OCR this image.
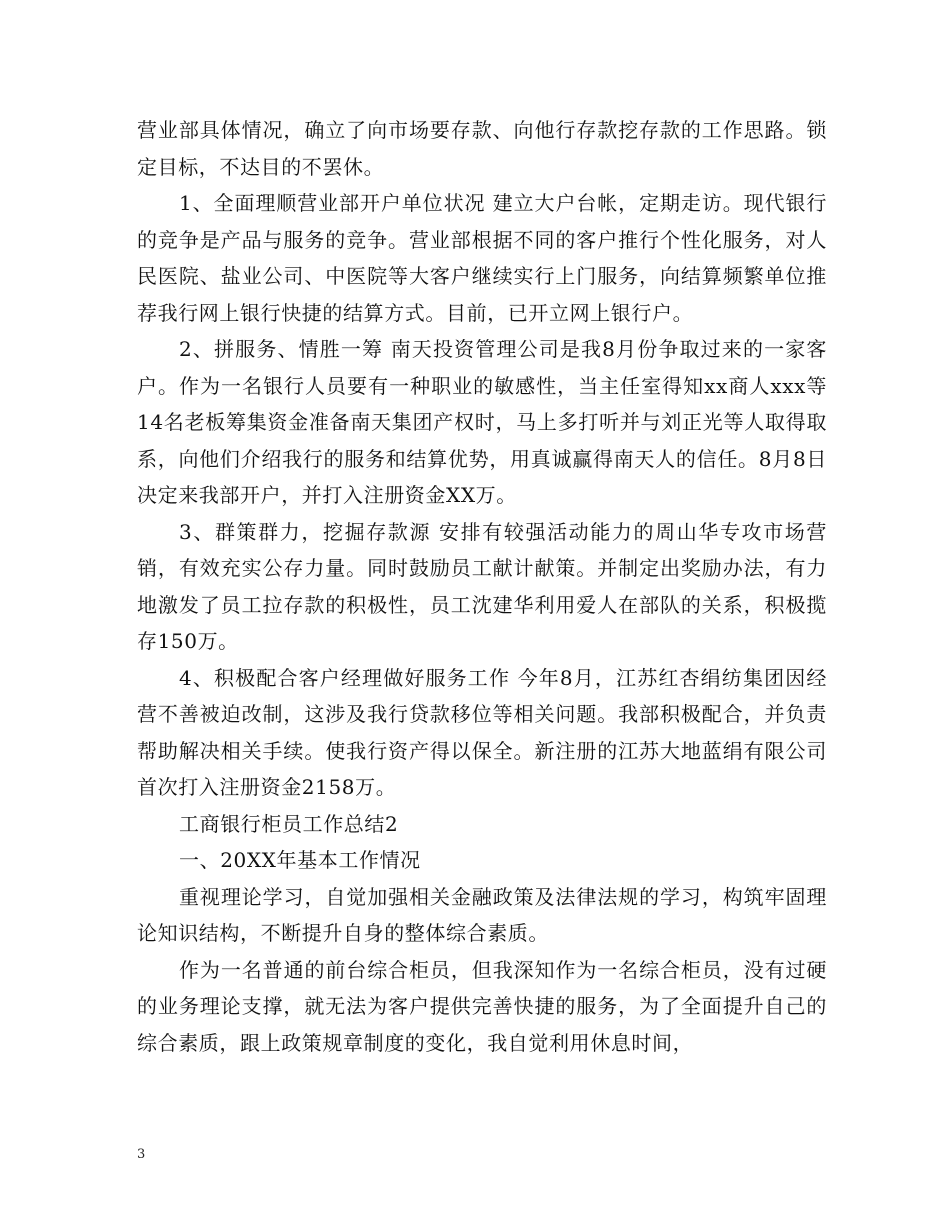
营业部具体情况，确立了向市场要存款、向他行存款挖存款的工作思路。锁定目标，不达目的不罢休。

1、全面理顺营业部开户单位状况 建立大户台帐，定期走访。现代银行的竞争是产品与服务的竞争。营业部根据不同的客户推行个性化服务，对人民医院、盐业公司、中医院等大客户继续实行上门服务，向结算频繁单位推荐我行网上银行快捷的结算方式。目前，已开立网上银行户。

2、拼服务、情胜一筹 南天投资管理公司是我8月份争取过来的一家客户。作为一名银行人员要有一种职业的敏感性，当主任室得知xx商人xxx等14名老板筹集资金准备南天集团产权时，马上多打听并与刘正光等人取得取系，向他们介绍我行的服务和结算优势，用真诚赢得南天人的信任。8月8日决定来我部开户，并打入注册资金XX万。

3、群策群力，挖掘存款源 安排有较强活动能力的周山华专攻市场营销，有效充实公存力量。同时鼓励员工献计献策。并制定出奖励办法，有力地激发了员工拉存款的积极性，员工沈建华利用爱人在部队的关系，积极揽存150万。

4、积极配合客户经理做好服务工作 今年8月，江苏红杏绢纺集团因经营不善被迫改制，这涉及我行贷款移位等相关问题。我部积极配合，并负责帮助解决相关手续。使我行资产得以保全。新注册的江苏大地蓝绢有限公司首次打入注册资金2158万。

工商银行柜员工作总结2

一、20XX年基本工作情况

重视理论学习，自觉加强相关金融政策及法律法规的学习，构筑牢固理论知识结构，不断提升自身的整体综合素质。

作为一名普通的前台综合柜员，但我深知作为一名综合柜员，没有过硬的业务理论支撑，就无法为客户提供完善快捷的服务，为了全面提升自己的综合素质，跟上政策规章制度的变化，我自觉利用休息时间，

3
